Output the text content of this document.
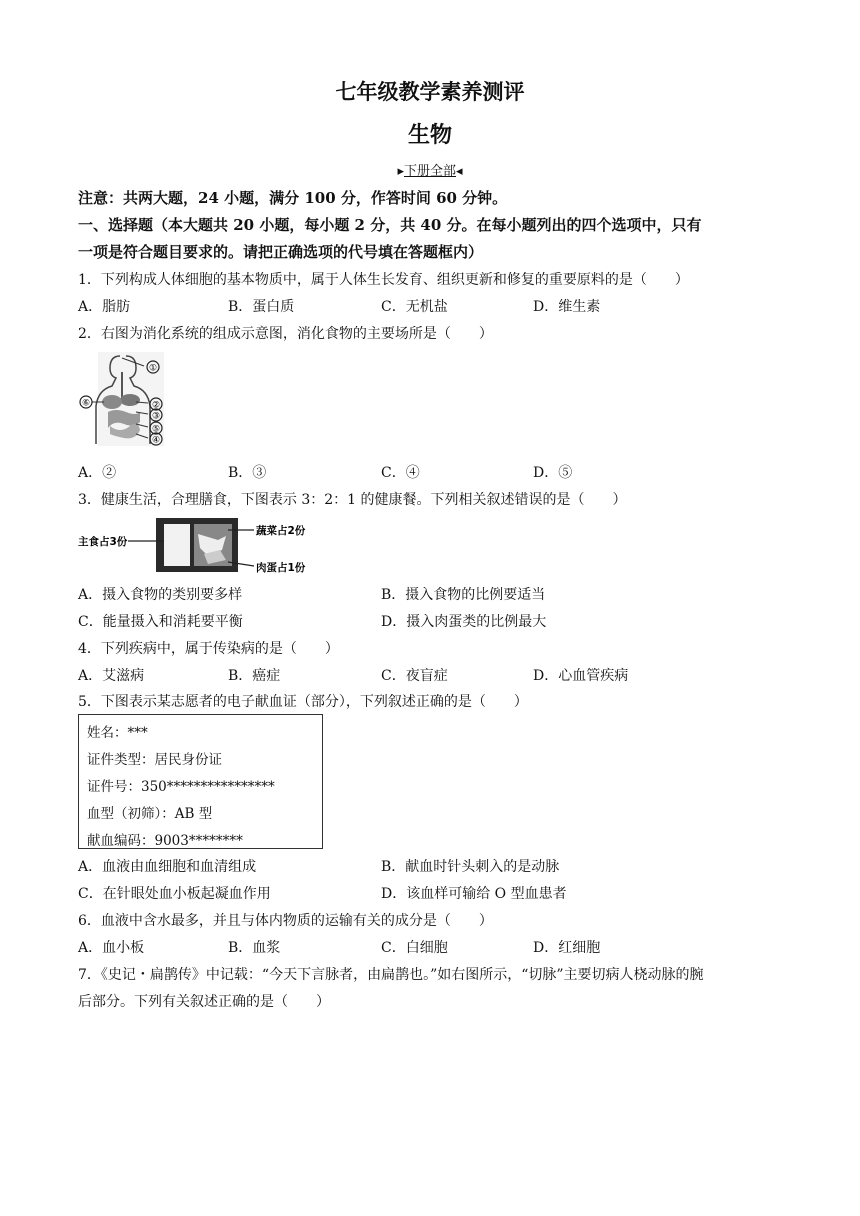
七年级教学素养测评
生物
▸下册全部◂
注意：共两大题，24 小题，满分 100 分，作答时间 60 分钟。
一、选择题（本大题共 20 小题，每小题 2 分，共 40 分。在每小题列出的四个选项中，只有
一项是符合题目要求的。请把正确选项的代号填在答题框内）
1．下列构成人体细胞的基本物质中，属于人体生长发育、组织更新和修复的重要原料的是（　　）
A．脂肪	B．蛋白质	C．无机盐	D．维生素
2．右图为消化系统的组成示意图，消化食物的主要场所是（　　）
①
⑥	②
③
⑤
④
A．②	B．③	C．④	D．⑤
3．健康生活，合理膳食，下图表示 3：2：1 的健康餐。下列相关叙述错误的是（　　）
主食占3份
蔬菜占2份
肉蛋占1份
A．摄入食物的类别要多样	B．摄入食物的比例要适当
C．能量摄入和消耗要平衡	D．摄入肉蛋类的比例最大
4．下列疾病中，属于传染病的是（　　）
A．艾滋病	B．癌症	C．夜盲症	D．心血管疾病
5．下图表示某志愿者的电子献血证（部分），下列叙述正确的是（　　）
姓名：***
证件类型：居民身份证
证件号：350****************
血型（初筛）：AB 型
献血编码：9003********
A．血液由血细胞和血清组成	B．献血时针头刺入的是动脉
C．在针眼处血小板起凝血作用	D．该血样可输给 O 型血患者
6．血液中含水最多，并且与体内物质的运输有关的成分是（　　）
A．血小板	B．血浆	C．白细胞	D．红细胞
7．《史记・扁鹊传》中记载：“今天下言脉者，由扁鹊也。”如右图所示，“切脉”主要切病人桡动脉的腕
后部分。下列有关叙述正确的是（　　）
